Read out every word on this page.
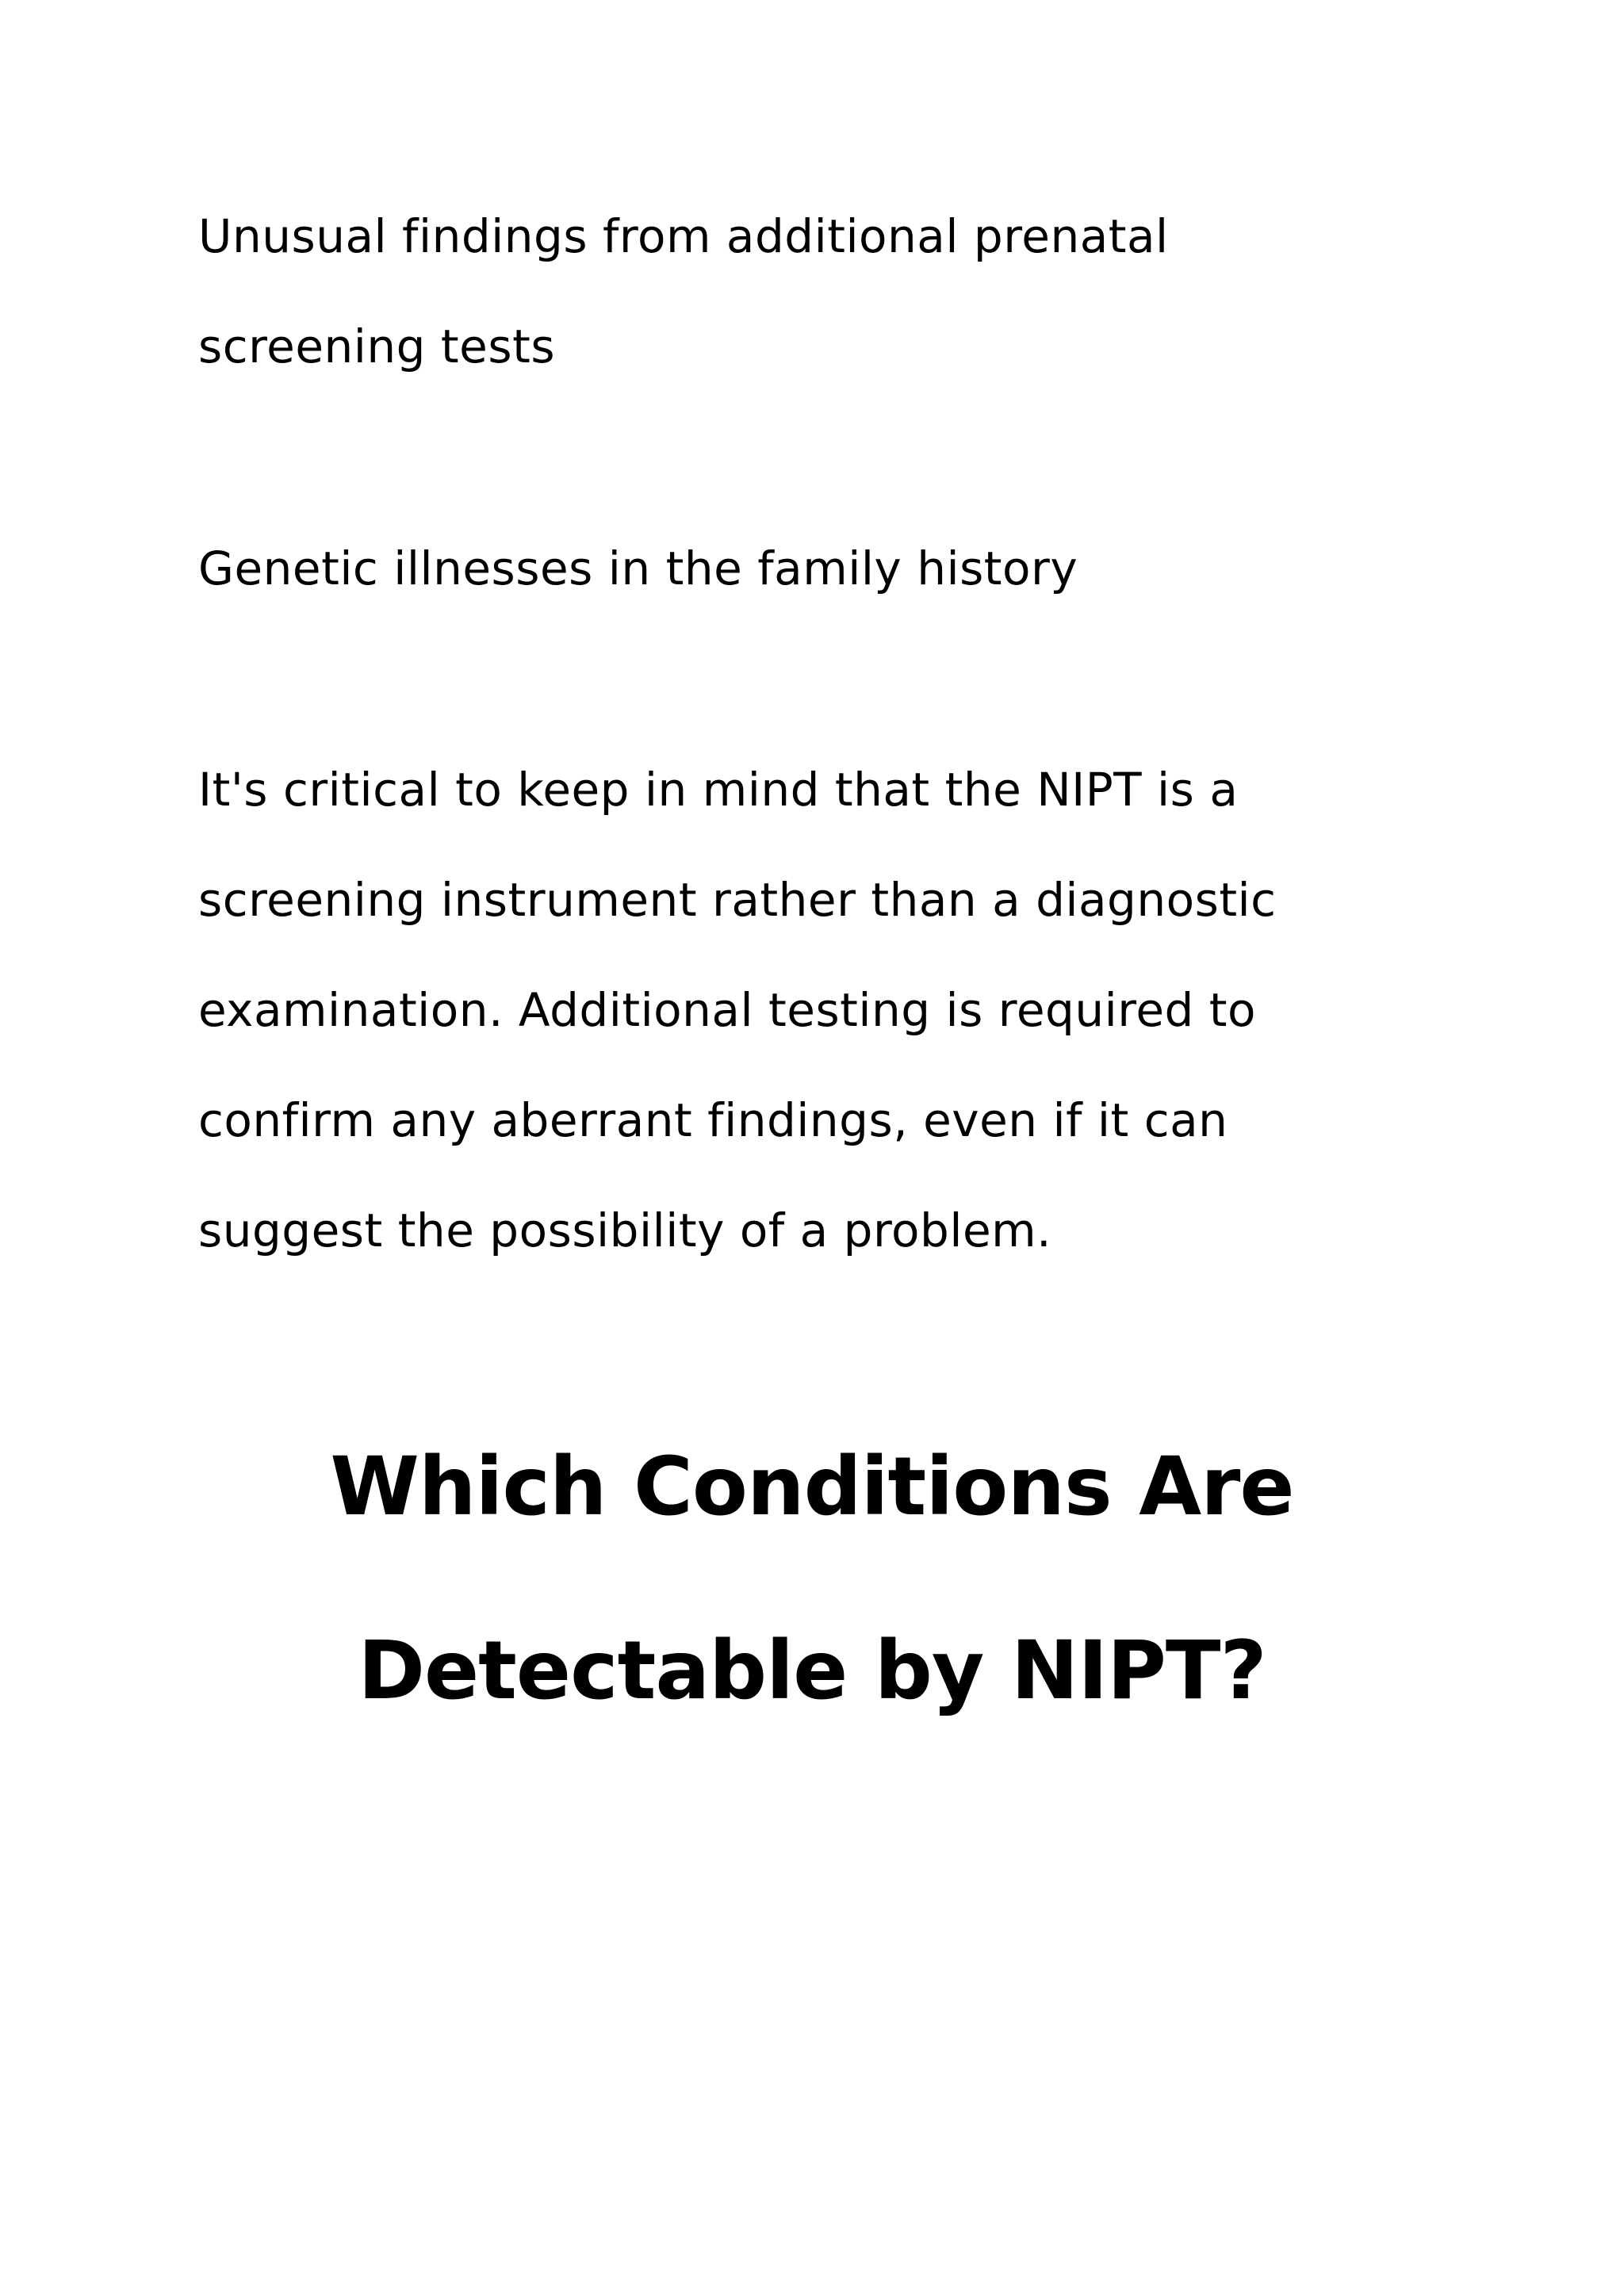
Unusual findings from additional prenatal
screening tests
Genetic illnesses in the family history
It's critical to keep in mind that the NIPT is a
screening instrument rather than a diagnostic
examination. Additional testing is required to
confirm any aberrant findings, even if it can
suggest the possibility of a problem.
Which Conditions Are
Detectable by NIPT?
